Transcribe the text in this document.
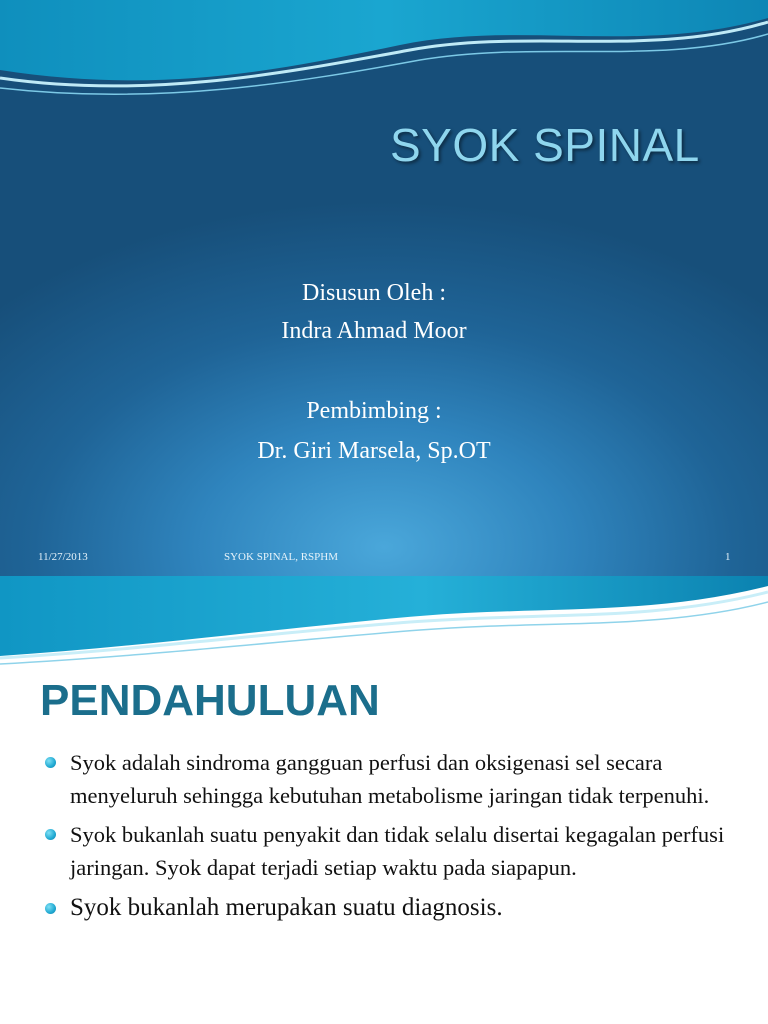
SYOK SPINAL
Disusun Oleh :
Indra Ahmad Moor
Pembimbing :
Dr. Giri Marsela, Sp.OT
11/27/2013	SYOK SPINAL, RSPHM	1
PENDAHULUAN
Syok adalah sindroma gangguan perfusi dan oksigenasi sel secara menyeluruh sehingga kebutuhan metabolisme jaringan tidak terpenuhi.
Syok bukanlah suatu penyakit dan tidak selalu disertai kegagalan perfusi jaringan. Syok dapat terjadi setiap waktu pada siapapun.
Syok bukanlah merupakan suatu diagnosis.
